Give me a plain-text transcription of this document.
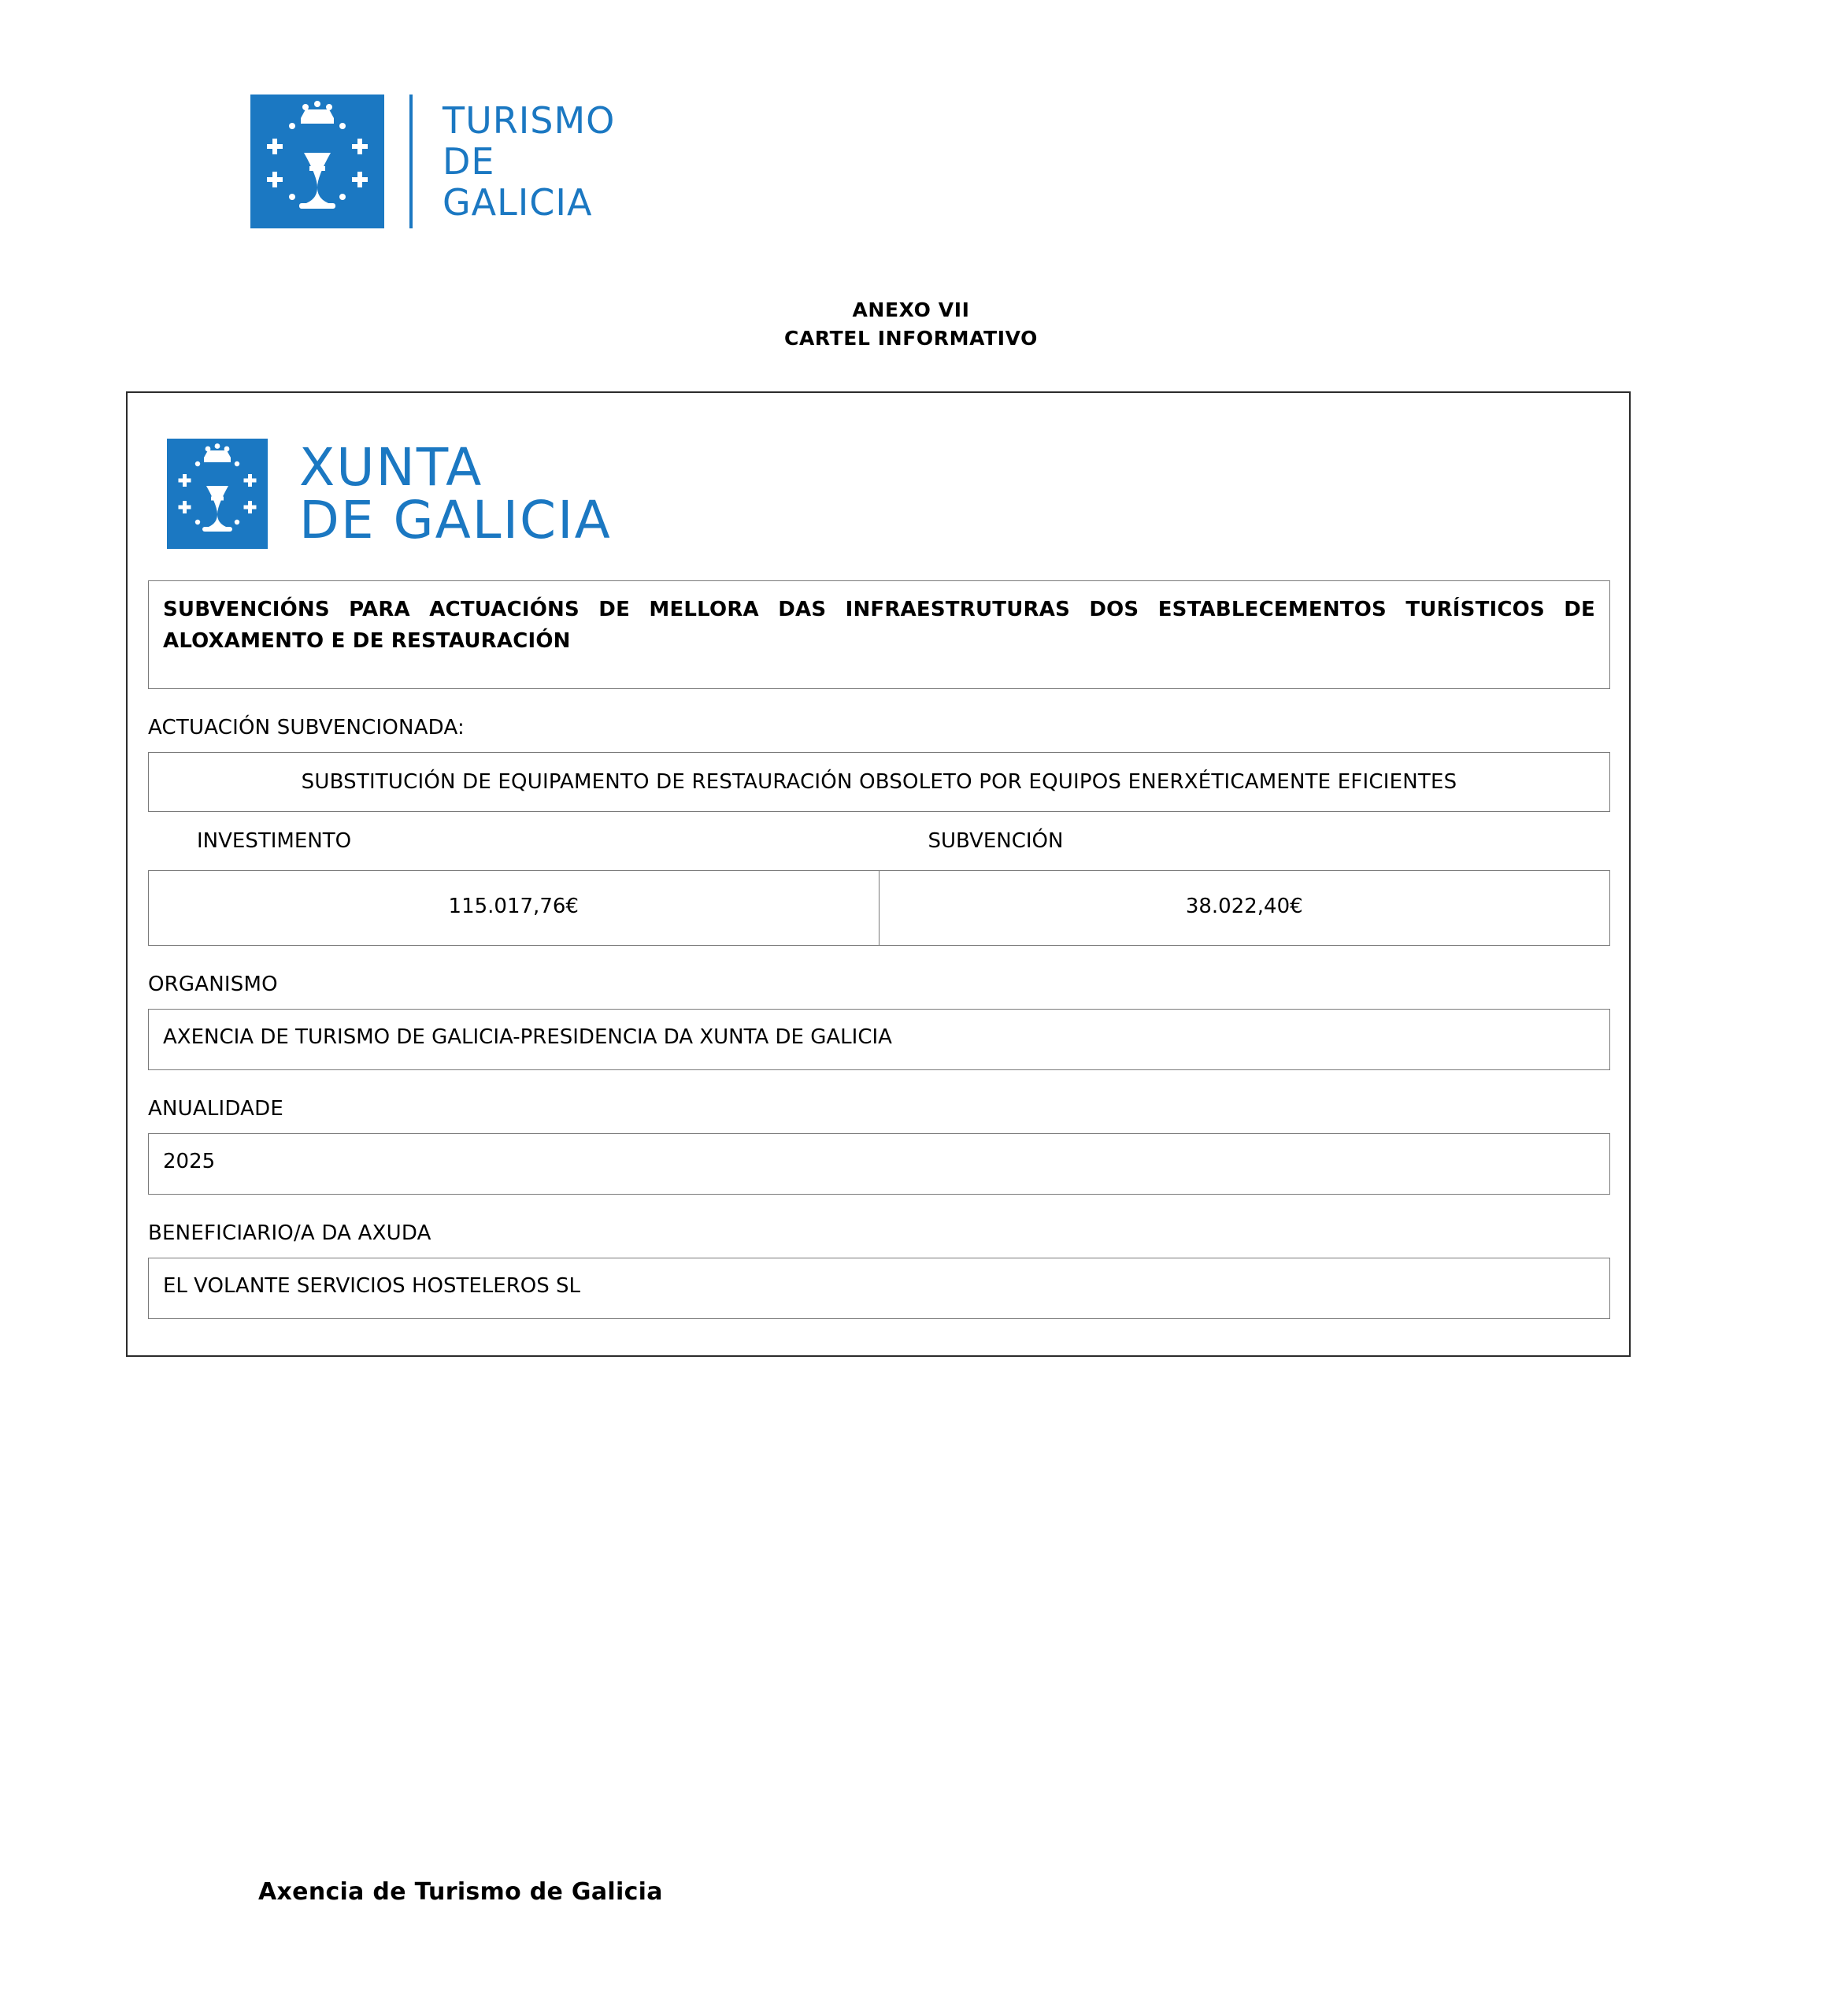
TURISMO
DE
GALICIA
ANEXO VII
CARTEL INFORMATIVO
XUNTA
DE GALICIA
SUBVENCIÓNS PARA ACTUACIÓNS DE MELLORA DAS INFRAESTRUTURAS DOS ESTABLECEMENTOS TURÍSTICOS DE ALOXAMENTO E DE RESTAURACIÓN
ACTUACIÓN SUBVENCIONADA:
SUBSTITUCIÓN DE EQUIPAMENTO DE RESTAURACIÓN OBSOLETO POR EQUIPOS ENERXÉTICAMENTE EFICIENTES
INVESTIMENTO	SUBVENCIÓN
115.017,76€	38.022,40€
ORGANISMO
AXENCIA DE TURISMO DE GALICIA-PRESIDENCIA DA XUNTA DE GALICIA
ANUALIDADE
2025
BENEFICIARIO/A DA AXUDA
EL VOLANTE SERVICIOS HOSTELEROS SL
Axencia de Turismo de Galicia
